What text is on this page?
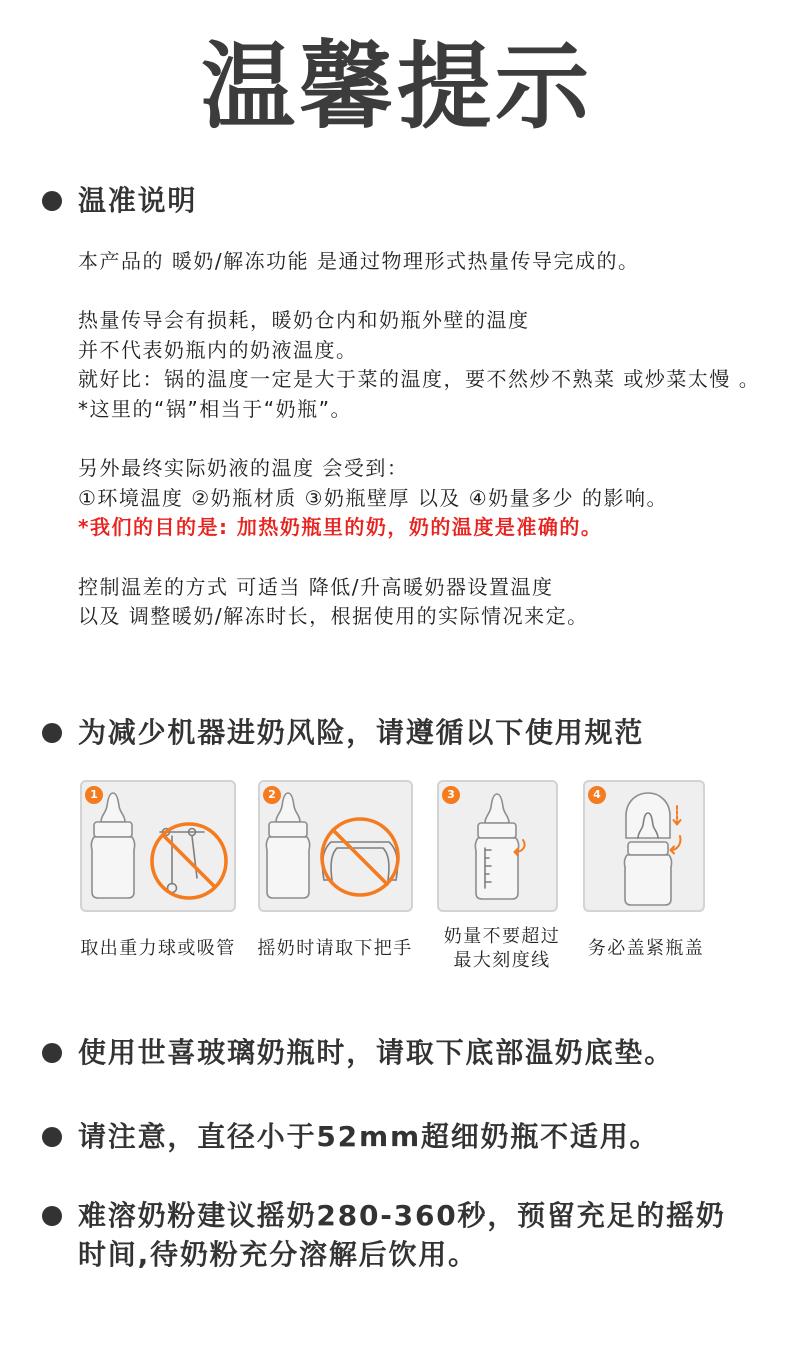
温馨提示
温准说明
本产品的 暖奶/解冻功能 是通过物理形式热量传导完成的。
热量传导会有损耗，暖奶仓内和奶瓶外壁的温度
并不代表奶瓶内的奶液温度。
就好比：锅的温度一定是大于菜的温度，要不然炒不熟菜 或炒菜太慢 。
*这里的“锅”相当于“奶瓶”。
另外最终实际奶液的温度 会受到：
①环境温度 ②奶瓶材质 ③奶瓶壁厚 以及 ④奶量多少 的影响。
*我们的目的是: 加热奶瓶里的奶，奶的温度是准确的。
控制温差的方式 可适当 降低/升高暖奶器设置温度
以及 调整暖奶/解冻时长，根据使用的实际情况来定。
为减少机器进奶风险，请遵循以下使用规范
1	2	3	4
取出重力球或吸管 摇奶时请取下把手
奶量不要超过
最大刻度线
务必盖紧瓶盖
使用世喜玻璃奶瓶时，请取下底部温奶底垫。
请注意，直径小于52mm超细奶瓶不适用。
难溶奶粉建议摇奶280-360秒，预留充足的摇奶
时间,待奶粉充分溶解后饮用。
